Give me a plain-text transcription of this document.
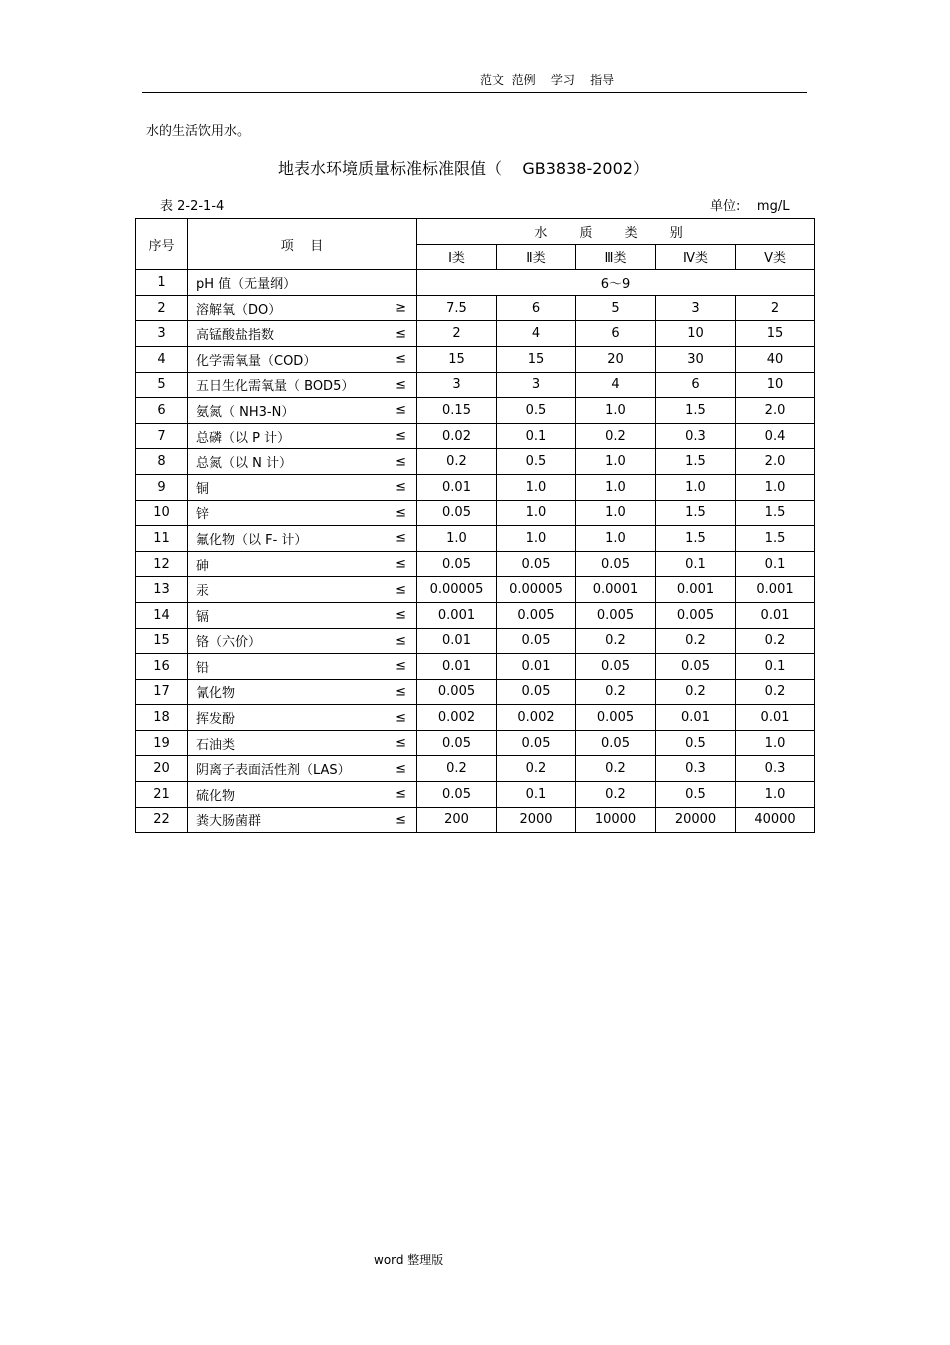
范文  范例    学习    指导
水的生活饮用水。
地表水环境质量标准标准限值（    GB3838-2002）
表 2-2-1-4	单位:    mg/L
序号	项    目	水 质 类 别				
		Ⅰ类	Ⅱ类	Ⅲ类	Ⅳ类	Ⅴ类
1	pH 值（无量纲）	6～9				
2	溶解氧（DO） ≥	7.5	6	5	3	2
3	高锰酸盐指数 ≤	2	4	6	10	15
4	化学需氧量（COD） ≤	15	15	20	30	40
5	五日生化需氧量（ BOD5） ≤	3	3	4	6	10
6	氨氮（ NH3-N） ≤	0.15	0.5	1.0	1.5	2.0
7	总磷（以 P 计） ≤	0.02	0.1	0.2	0.3	0.4
8	总氮（以 N 计） ≤	0.2	0.5	1.0	1.5	2.0
9	铜 ≤	0.01	1.0	1.0	1.0	1.0
10	锌 ≤	0.05	1.0	1.0	1.5	1.5
11	氟化物（以 F- 计） ≤	1.0	1.0	1.0	1.5	1.5
12	砷 ≤	0.05	0.05	0.05	0.1	0.1
13	汞 ≤	0.00005	0.00005	0.0001	0.001	0.001
14	镉 ≤	0.001	0.005	0.005	0.005	0.01
15	铬（六价） ≤	0.01	0.05	0.2	0.2	0.2
16	铅 ≤	0.01	0.01	0.05	0.05	0.1
17	氰化物 ≤	0.005	0.05	0.2	0.2	0.2
18	挥发酚 ≤	0.002	0.002	0.005	0.01	0.01
19	石油类 ≤	0.05	0.05	0.05	0.5	1.0
20	阴离子表面活性剂（LAS） ≤	0.2	0.2	0.2	0.3	0.3
21	硫化物 ≤	0.05	0.1	0.2	0.5	1.0
22	粪大肠菌群 ≤	200	2000	10000	20000	40000
word 整理版
